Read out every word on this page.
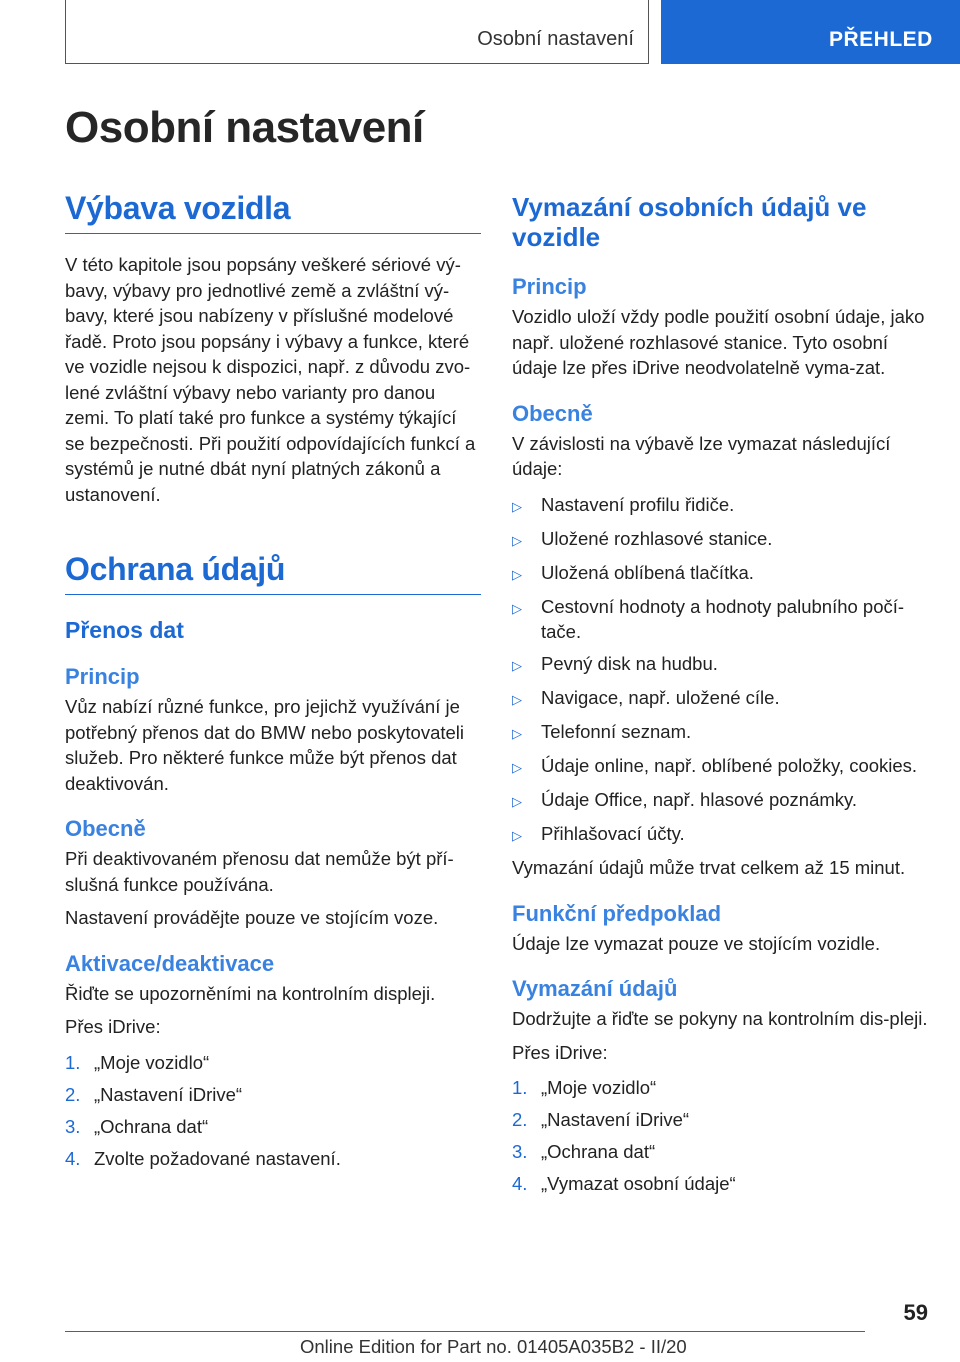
Osobní nastavení	PŘEHLED
Osobní nastavení
Výbava vozidla
V této kapitole jsou popsány veškeré sériové vý-bavy, výbavy pro jednotlivé země a zvláštní vý-bavy, které jsou nabízeny v příslušné modelové řadě. Proto jsou popsány i výbavy a funkce, které ve vozidle nejsou k dispozici, např. z důvodu zvo-lené zvláštní výbavy nebo varianty pro danou zemi. To platí také pro funkce a systémy týkající se bezpečnosti. Při použití odpovídajících funkcí a systémů je nutné dbát nyní platných zákonů a ustanovení.
Ochrana údajů
Přenos dat
Princip
Vůz nabízí různé funkce, pro jejichž využívání je potřebný přenos dat do BMW nebo poskytovateli služeb. Pro některé funkce může být přenos dat deaktivován.
Obecně
Při deaktivovaném přenosu dat nemůže být pří-slušná funkce používána.
Nastavení provádějte pouze ve stojícím voze.
Aktivace/deaktivace
Řiďte se upozorněními na kontrolním displeji.
Přes iDrive:
1. „Moje vozidlo“
2. „Nastavení iDrive“
3. „Ochrana dat“
4. Zvolte požadované nastavení.
Vymazání osobních údajů ve vozidle
Princip
Vozidlo uloží vždy podle použití osobní údaje, jako např. uložené rozhlasové stanice. Tyto osobní údaje lze přes iDrive neodvolatelně vyma-zat.
Obecně
V závislosti na výbavě lze vymazat následující údaje:
▷	Nastavení profilu řidiče.
▷	Uložené rozhlasové stanice.
▷	Uložená oblíbená tlačítka.
▷	Cestovní hodnoty a hodnoty palubního počí-tače.
▷	Pevný disk na hudbu.
▷	Navigace, např. uložené cíle.
▷	Telefonní seznam.
▷	Údaje online, např. oblíbené položky, cookies.
▷	Údaje Office, např. hlasové poznámky.
▷	Přihlašovací účty.
Vymazání údajů může trvat celkem až 15 minut.
Funkční předpoklad
Údaje lze vymazat pouze ve stojícím vozidle.
Vymazání údajů
Dodržujte a řiďte se pokyny na kontrolním dis-pleji.
Přes iDrive:
1. „Moje vozidlo“
2. „Nastavení iDrive“
3. „Ochrana dat“
4. „Vymazat osobní údaje“
59
Online Edition for Part no. 01405A035B2 - II/20
